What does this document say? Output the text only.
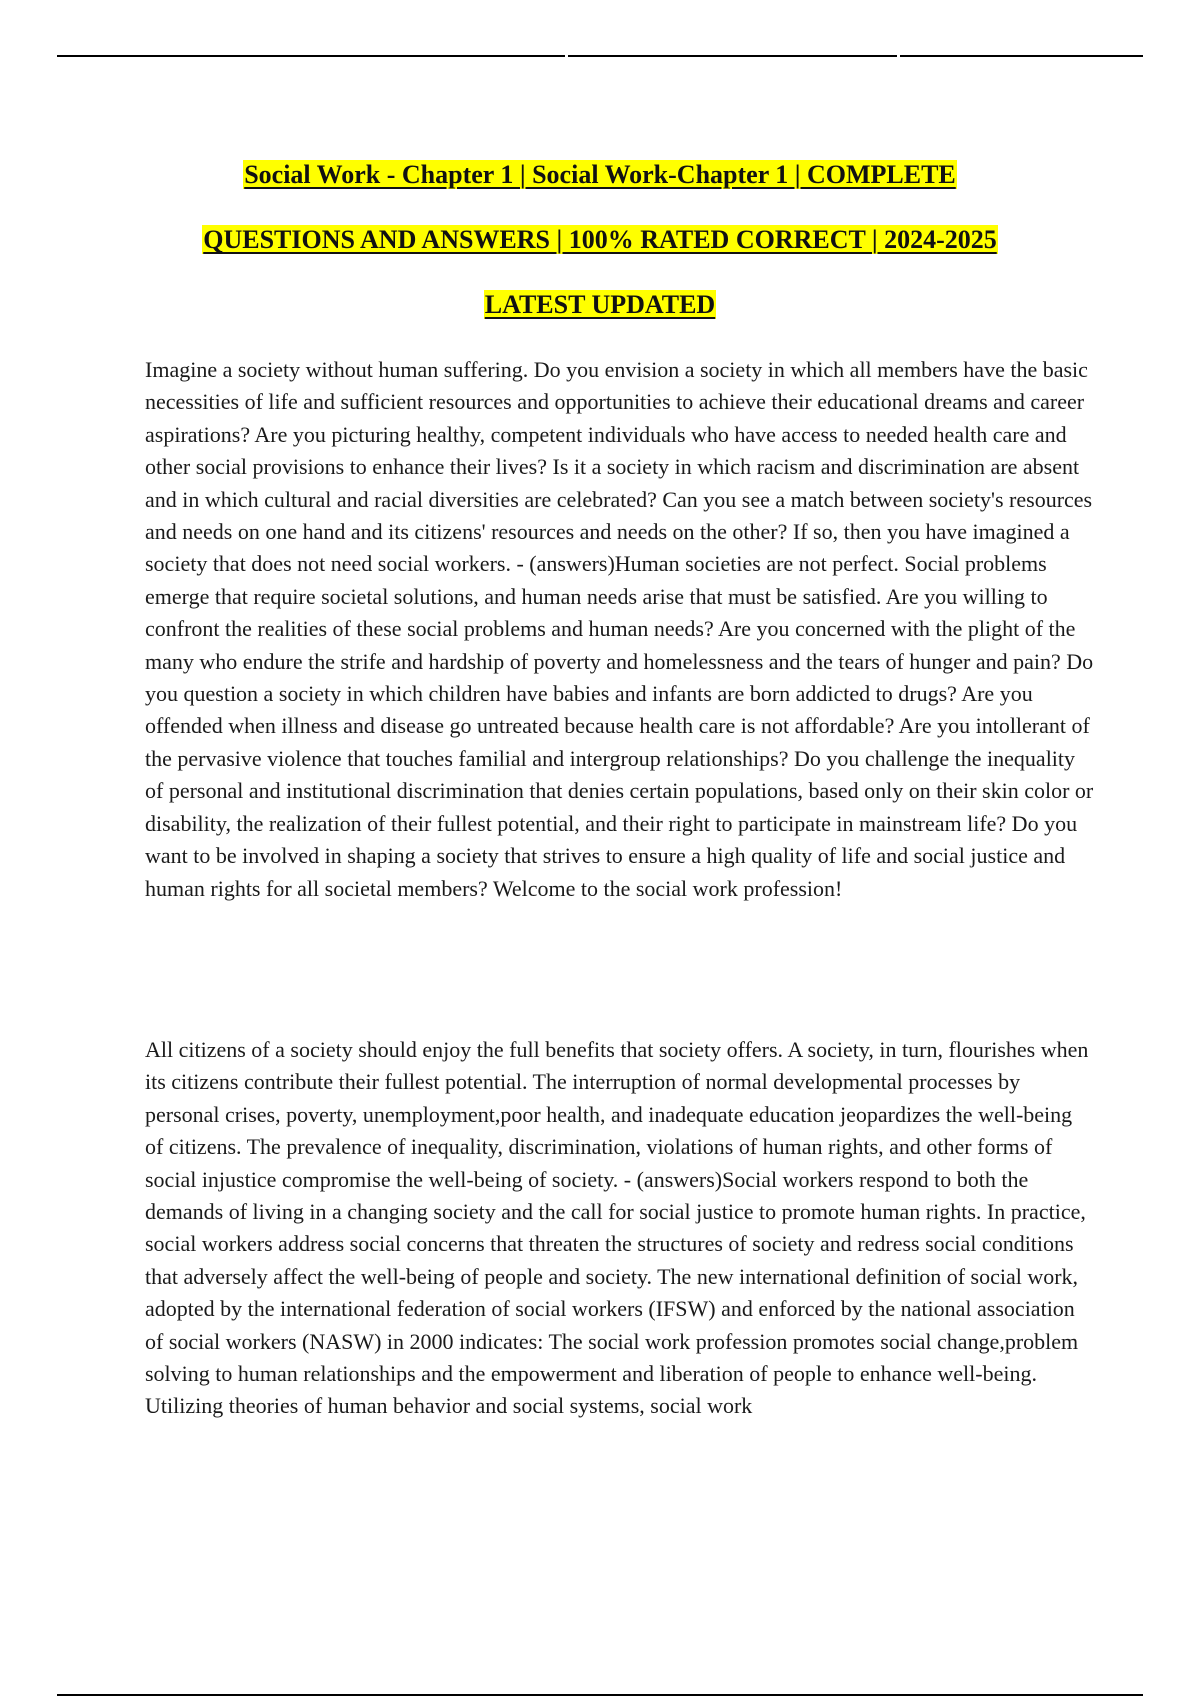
Social Work - Chapter 1 | Social Work-Chapter 1 | COMPLETE

QUESTIONS AND ANSWERS | 100% RATED CORRECT | 2024-2025

LATEST UPDATED

Imagine a society without human suffering. Do you envision a society in which all members have the basic necessities of life and sufficient resources and opportunities to achieve their educational dreams and career aspirations? Are you picturing healthy, competent individuals who have access to needed health care and other social provisions to enhance their lives? Is it a society in which racism and discrimination are absent and in which cultural and racial diversities are celebrated? Can you see a match between society's resources and needs on one hand and its citizens' resources and needs on the other? If so, then you have imagined a society that does not need social workers. - (answers)Human societies are not perfect. Social problems emerge that require societal solutions, and human needs arise that must be satisfied. Are you willing to confront the realities of these social problems and human needs? Are you concerned with the plight of the many who endure the strife and hardship of poverty and homelessness and the tears of hunger and pain? Do you question a society in which children have babies and infants are born addicted to drugs? Are you offended when illness and disease go untreated because health care is not affordable? Are you intollerant of the pervasive violence that touches familial and intergroup relationships? Do you challenge the inequality of personal and institutional discrimination that denies certain populations, based only on their skin color or disability, the realization of their fullest potential, and their right to participate in mainstream life? Do you want to be involved in shaping a society that strives to ensure a high quality of life and social justice and human rights for all societal members? Welcome to the social work profession!

All citizens of a society should enjoy the full benefits that society offers. A society, in turn, flourishes when its citizens contribute their fullest potential. The interruption of normal developmental processes by personal crises, poverty, unemployment,poor health, and inadequate education jeopardizes the well-being of citizens. The prevalence of inequality, discrimination, violations of human rights, and other forms of social injustice compromise the well-being of society. - (answers)Social workers respond to both the demands of living in a changing society and the call for social justice to promote human rights. In practice, social workers address social concerns that threaten the structures of society and redress social conditions that adversely affect the well-being of people and society. The new international definition of social work, adopted by the international federation of social workers (IFSW) and enforced by the national association of social workers (NASW) in 2000 indicates: The social work profession promotes social change,problem solving to human relationships and the empowerment and liberation of people to enhance well-being. Utilizing theories of human behavior and social systems, social work
